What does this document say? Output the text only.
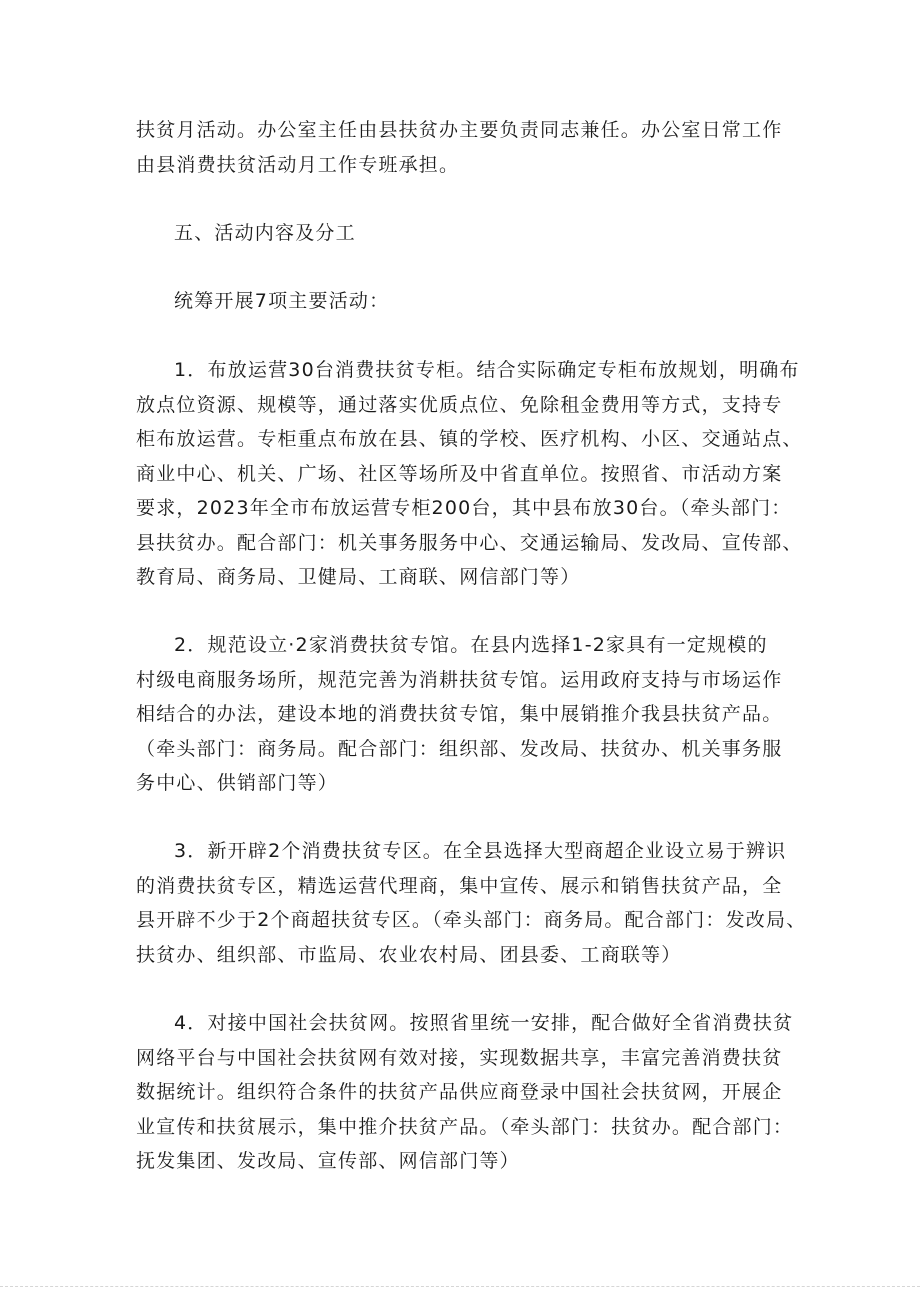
扶贫月活动。办公室主任由县扶贫办主要负责同志兼任。办公室日常工作
由县消费扶贫活动月工作专班承担。

五、活动内容及分工

统筹开展7项主要活动：

1．布放运营30台消费扶贫专柜。结合实际确定专柜布放规划，明确布
放点位资源、规模等，通过落实优质点位、免除租金费用等方式，支持专
柜布放运营。专柜重点布放在县、镇的学校、医疗机构、小区、交通站点、
商业中心、机关、广场、社区等场所及中省直单位。按照省、市活动方案
要求，2023年全市布放运营专柜200台，其中县布放30台。（牵头部门：
县扶贫办。配合部门：机关事务服务中心、交通运输局、发改局、宣传部、
教育局、商务局、卫健局、工商联、网信部门等）

2．规范设立·2家消费扶贫专馆。在县内选择1-2家具有一定规模的
村级电商服务场所，规范完善为消耕扶贫专馆。运用政府支持与市场运作
相结合的办法，建设本地的消费扶贫专馆，集中展销推介我县扶贫产品。
（牵头部门：商务局。配合部门：组织部、发改局、扶贫办、机关事务服
务中心、供销部门等）

3．新开辟2个消费扶贫专区。在全县选择大型商超企业设立易于辨识
的消费扶贫专区，精选运营代理商，集中宣传、展示和销售扶贫产品，全
县开辟不少于2个商超扶贫专区。（牵头部门：商务局。配合部门：发改局、
扶贫办、组织部、市监局、农业农村局、团县委、工商联等）

4．对接中国社会扶贫网。按照省里统一安排，配合做好全省消费扶贫
网络平台与中国社会扶贫网有效对接，实现数据共享，丰富完善消费扶贫
数据统计。组织符合条件的扶贫产品供应商登录中国社会扶贫网，开展企
业宣传和扶贫展示，集中推介扶贫产品。（牵头部门：扶贫办。配合部门：
抚发集团、发改局、宣传部、网信部门等）
